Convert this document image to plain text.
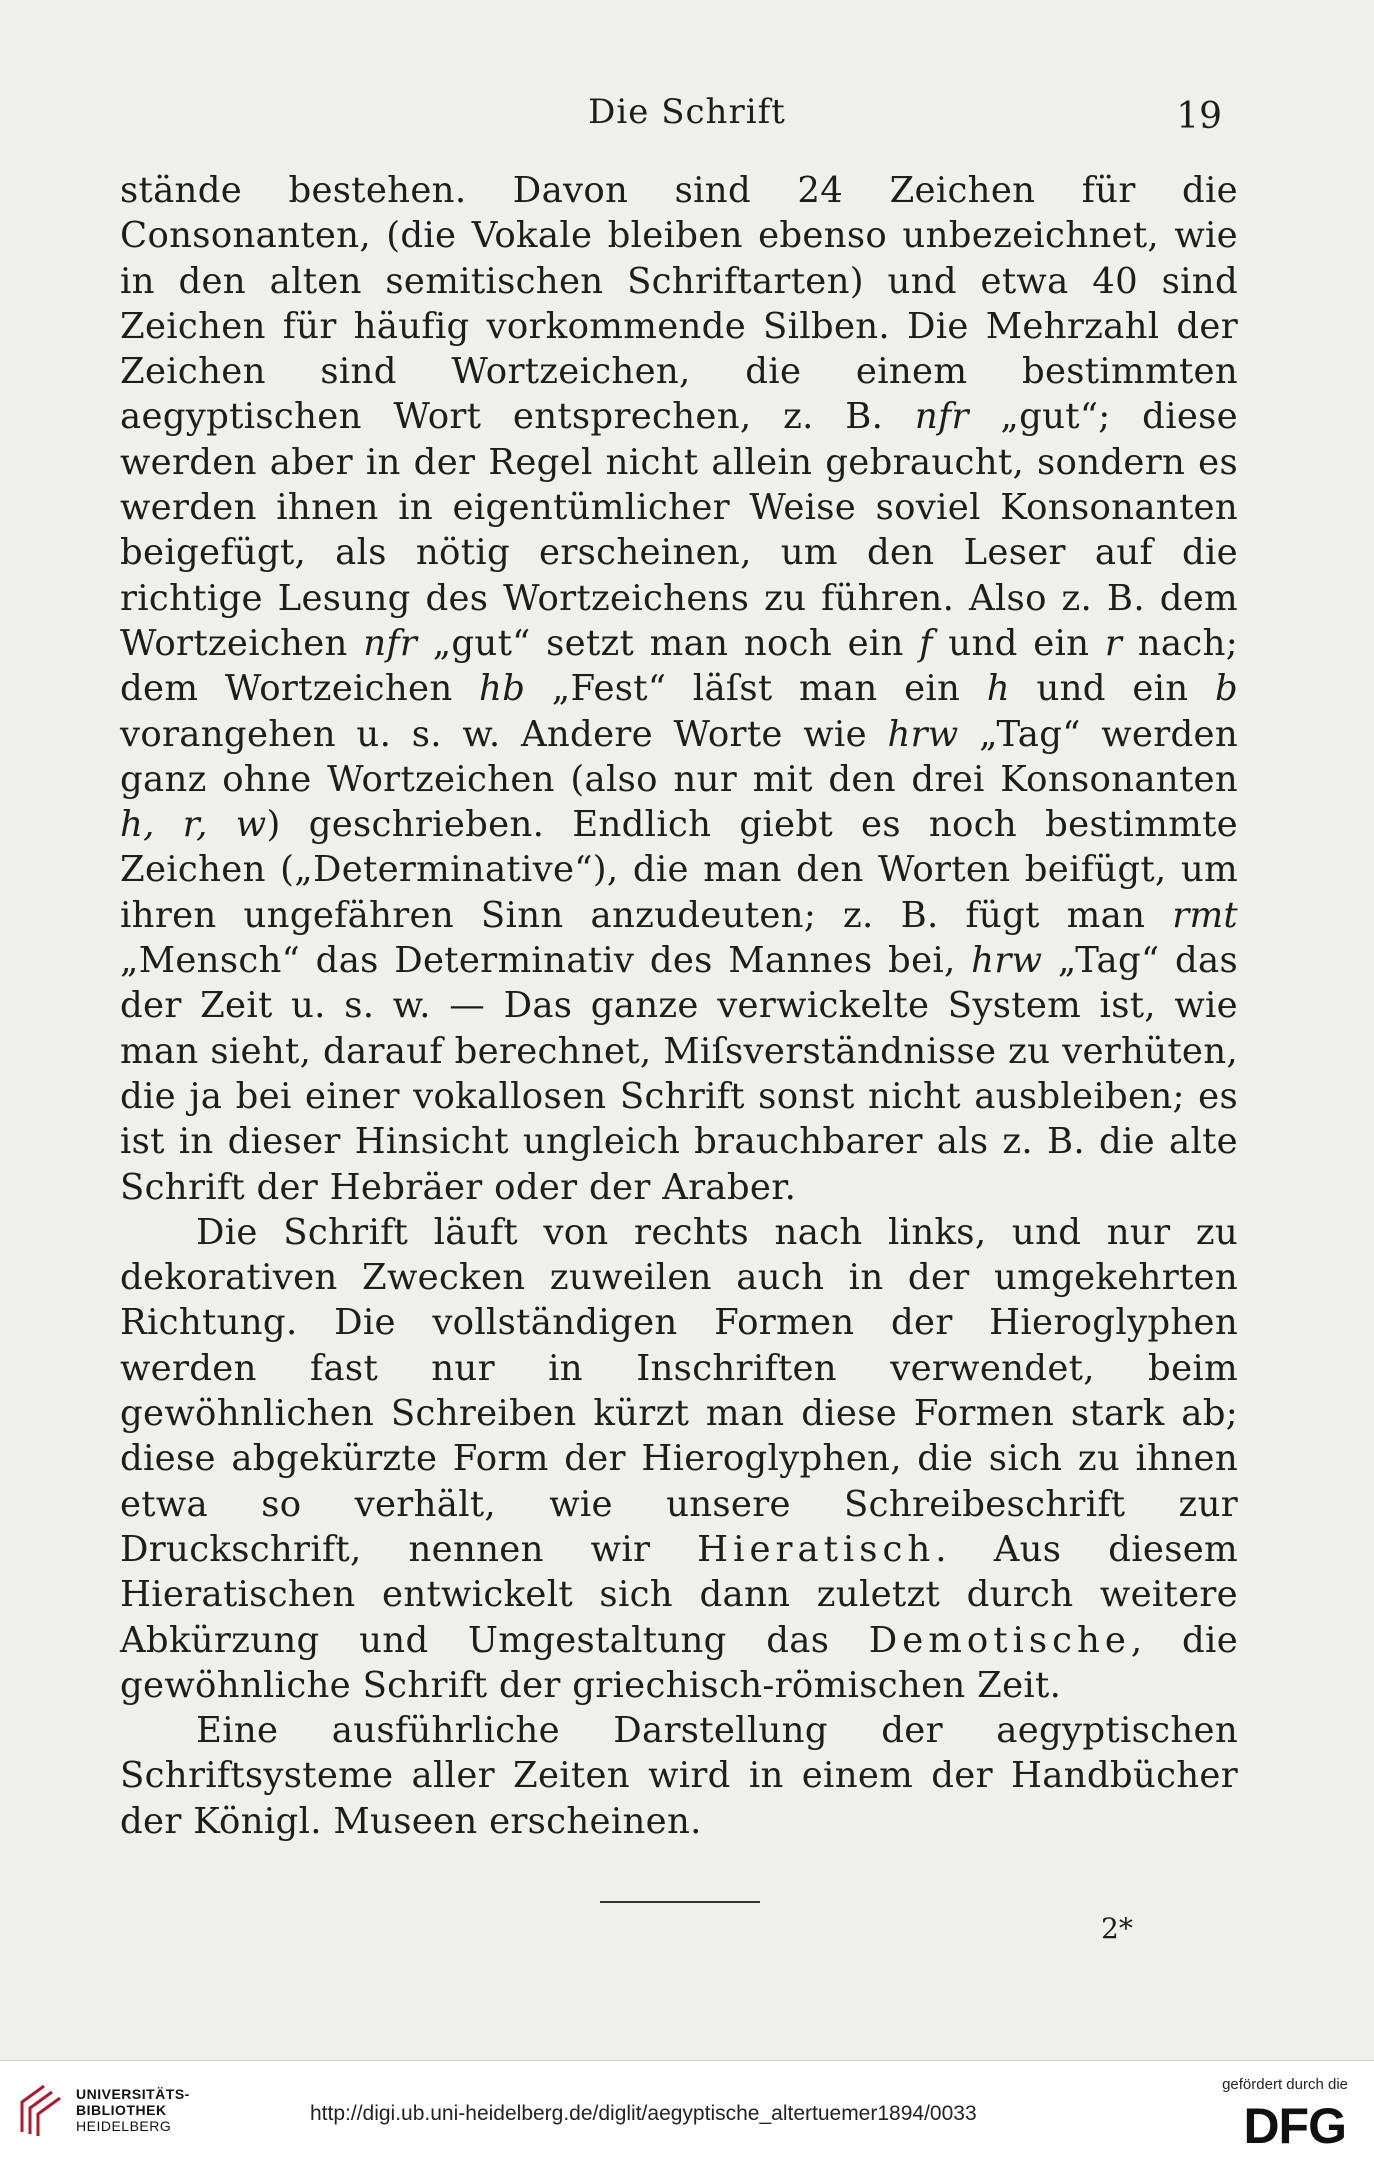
Die Schrift	19

stände bestehen. Davon sind 24 Zeichen für die Consonanten, (die Vokale bleiben ebenso unbezeichnet, wie in den alten semitischen Schriftarten) und etwa 40 sind Zeichen für häufig vorkommende Silben. Die Mehrzahl der Zeichen sind Wortzeichen, die einem bestimmten aegyptischen Wort entsprechen, z. B. nfr „gut“; diese werden aber in der Regel nicht allein gebraucht, sondern es werden ihnen in eigentümlicher Weise soviel Konsonanten beigefügt, als nötig erscheinen, um den Leser auf die richtige Lesung des Wortzeichens zu führen. Also z. B. dem Wortzeichen nfr „gut“ setzt man noch ein f und ein r nach; dem Wortzeichen hb „Fest“ läſst man ein h und ein b vorangehen u. s. w. Andere Worte wie hrw „Tag“ werden ganz ohne Wortzeichen (also nur mit den drei Konsonanten h, r, w) geschrieben. Endlich giebt es noch bestimmte Zeichen („Determinative“), die man den Worten beifügt, um ihren ungefähren Sinn anzudeuten; z. B. fügt man rmt „Mensch“ das Determinativ des Mannes bei, hrw „Tag“ das der Zeit u. s. w. — Das ganze verwickelte System ist, wie man sieht, darauf berechnet, Miſsverständnisse zu verhüten, die ja bei einer vokallosen Schrift sonst nicht ausbleiben; es ist in dieser Hinsicht ungleich brauchbarer als z. B. die alte Schrift der Hebräer oder der Araber.

Die Schrift läuft von rechts nach links, und nur zu dekorativen Zwecken zuweilen auch in der umgekehrten Richtung. Die vollständigen Formen der Hieroglyphen werden fast nur in Inschriften verwendet, beim gewöhnlichen Schreiben kürzt man diese Formen stark ab; diese abgekürzte Form der Hieroglyphen, die sich zu ihnen etwa so verhält, wie unsere Schreibeschrift zur Druckschrift, nennen wir Hieratisch. Aus diesem Hieratischen entwickelt sich dann zuletzt durch weitere Abkürzung und Umgestaltung das Demotische, die gewöhnliche Schrift der griechisch-römischen Zeit.

Eine ausführliche Darstellung der aegyptischen Schriftsysteme aller Zeiten wird in einem der Handbücher der Königl. Museen erscheinen.

2*
UNIVERSITÄTS-
BIBLIOTHEK
HEIDELBERG
http://digi.ub.uni-heidelberg.de/diglit/aegyptische_altertuemer1894/0033
gefördert durch die
DFG
